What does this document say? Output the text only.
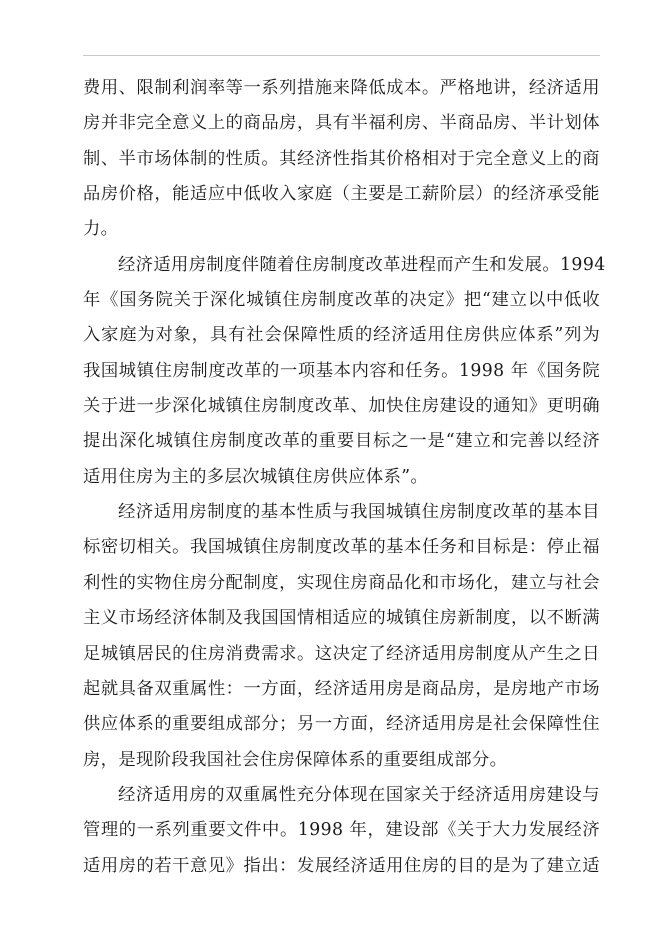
费用、限制利润率等一系列措施来降低成本。严格地讲，经济适用
房并非完全意义上的商品房，具有半福利房、半商品房、半计划体
制、半市场体制的性质。其经济性指其价格相对于完全意义上的商
品房价格，能适应中低收入家庭（主要是工薪阶层）的经济承受能
力。
经济适用房制度伴随着住房制度改革进程而产生和发展。1994
年《国务院关于深化城镇住房制度改革的决定》把“建立以中低收
入家庭为对象，具有社会保障性质的经济适用住房供应体系”列为
我国城镇住房制度改革的一项基本内容和任务。1998 年《国务院
关于进一步深化城镇住房制度改革、加快住房建设的通知》更明确
提出深化城镇住房制度改革的重要目标之一是“建立和完善以经济
适用住房为主的多层次城镇住房供应体系”。
经济适用房制度的基本性质与我国城镇住房制度改革的基本目
标密切相关。我国城镇住房制度改革的基本任务和目标是：停止福
利性的实物住房分配制度，实现住房商品化和市场化，建立与社会
主义市场经济体制及我国国情相适应的城镇住房新制度，以不断满
足城镇居民的住房消费需求。这决定了经济适用房制度从产生之日
起就具备双重属性：一方面，经济适用房是商品房，是房地产市场
供应体系的重要组成部分；另一方面，经济适用房是社会保障性住
房，是现阶段我国社会住房保障体系的重要组成部分。
经济适用房的双重属性充分体现在国家关于经济适用房建设与
管理的一系列重要文件中。1998 年，建设部《关于大力发展经济
适用房的若干意见》指出：发展经济适用住房的目的是为了建立适
